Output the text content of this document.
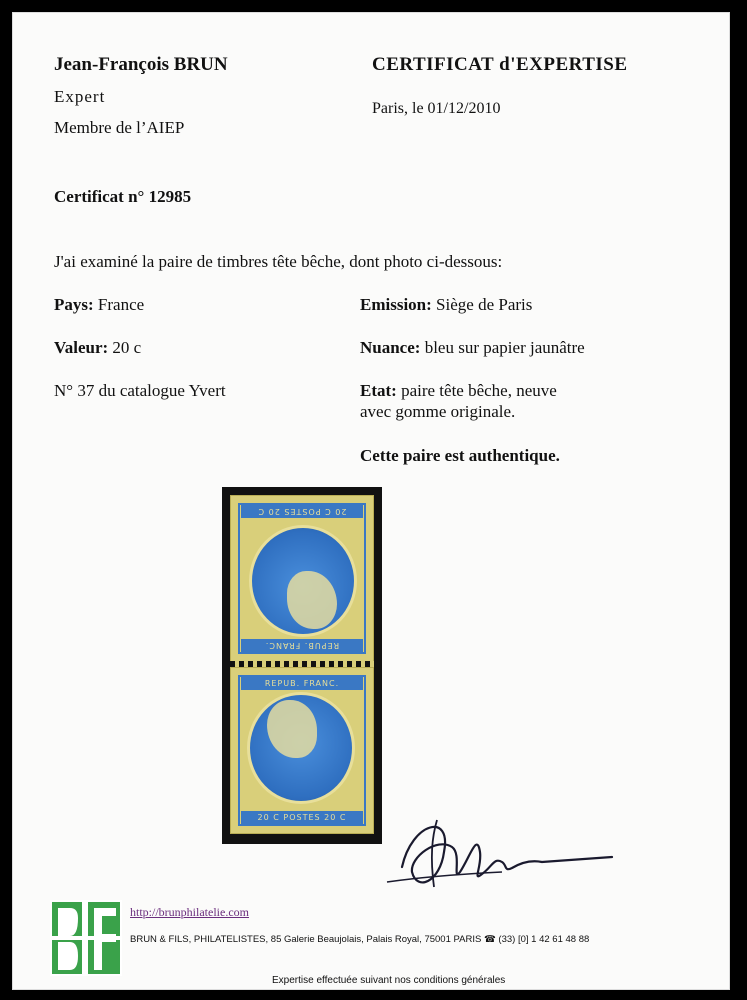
Jean-François BRUN
Expert
Membre de l’AIEP
CERTIFICAT d'EXPERTISE
Paris, le 01/12/2010
Certificat n° 12985
J'ai examiné la paire de timbres tête bêche, dont photo ci-dessous:
Pays: France
Valeur: 20 c
N° 37 du catalogue Yvert
Emission: Siège de Paris
Nuance: bleu sur papier jaunâtre
Etat: paire tête bêche, neuve
avec gomme originale.
Cette paire est authentique.
REPUB. FRANC.
20 C POSTES 20 C
REPUB. FRANC.
20 C POSTES 20 C
http://brunphilatelie.com
BRUN & FILS, PHILATELISTES, 85 Galerie Beaujolais, Palais Royal, 75001 PARIS ☎ (33) [0] 1 42 61 48 88
Expertise effectuée suivant nos conditions générales
